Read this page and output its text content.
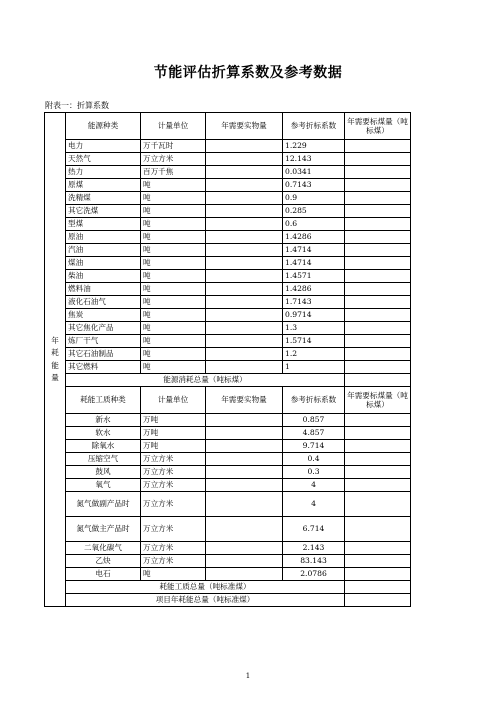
节能评估折算系数及参考数据
附表一：折算系数
年
耗
能
量	能源种类	计量单位	年需要实物量	参考折标系数	年需要标煤量（吨标煤）
	电力	万千瓦时		1.229	
	天然气	万立方米		12.143	
	热力	百万千焦		0.0341	
	原煤	吨		0.7143	
	洗精煤	吨		0.9	
	其它洗煤	吨		0.285	
	型煤	吨		0.6	
	原油	吨		1.4286	
	汽油	吨		1.4714	
	煤油	吨		1.4714	
	柴油	吨		1.4571	
	燃料油	吨		1.4286	
	液化石油气	吨		1.7143	
	焦炭	吨		0.9714	
	其它焦化产品	吨		1.3	
	炼厂干气	吨		1.5714	
	其它石油制品	吨		1.2	
	其它燃料	吨		1	
	能源消耗总量（吨标煤）				
	耗能工质种类	计量单位	年需要实物量	参考折标系数	年需要标煤量（吨标煤）
	新水	万吨		0.857	
	软水	万吨		4.857	
	除氧水	万吨		9.714	
	压缩空气	万立方米		0.4	
	鼓风	万立方米		0.3	
	氧气	万立方米		4	
	氮气做副产品时	万立方米		4	
	氮气做主产品时	万立方米		6.714	
	二氧化碳气	万立方米		2.143	
	乙炔	万立方米		83.143	
	电石	吨		2.0786	
	耗能工质总量（吨标准煤）				
	项目年耗能总量（吨标准煤）				
1
